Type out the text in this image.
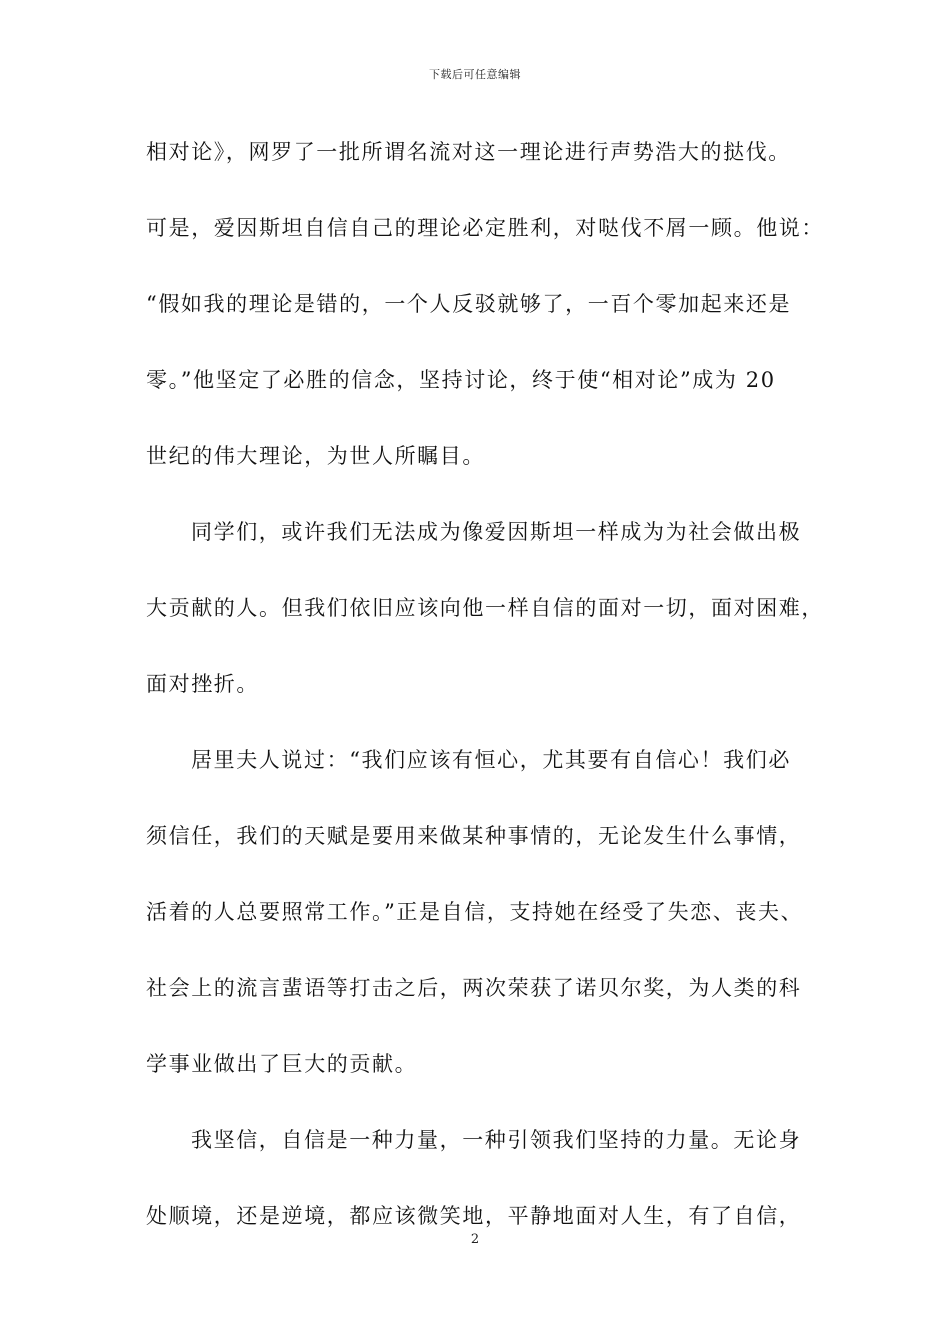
下载后可任意编辑
相对论》，网罗了一批所谓名流对这一理论进行声势浩大的挞伐。
可是，爱因斯坦自信自己的理论必定胜利，对哒伐不屑一顾。他说：
“假如我的理论是错的，一个人反驳就够了，一百个零加起来还是
零。”他坚定了必胜的信念，坚持讨论，终于使“相对论”成为 20
世纪的伟大理论，为世人所瞩目。
同学们，或许我们无法成为像爱因斯坦一样成为为社会做出极
大贡献的人。但我们依旧应该向他一样自信的面对一切，面对困难，
面对挫折。
居里夫人说过：“我们应该有恒心，尤其要有自信心！我们必
须信任，我们的天赋是要用来做某种事情的，无论发生什么事情，
活着的人总要照常工作。”正是自信，支持她在经受了失恋、丧夫、
社会上的流言蜚语等打击之后，两次荣获了诺贝尔奖，为人类的科
学事业做出了巨大的贡献。
我坚信，自信是一种力量，一种引领我们坚持的力量。无论身
处顺境，还是逆境，都应该微笑地，平静地面对人生，有了自信，
2
